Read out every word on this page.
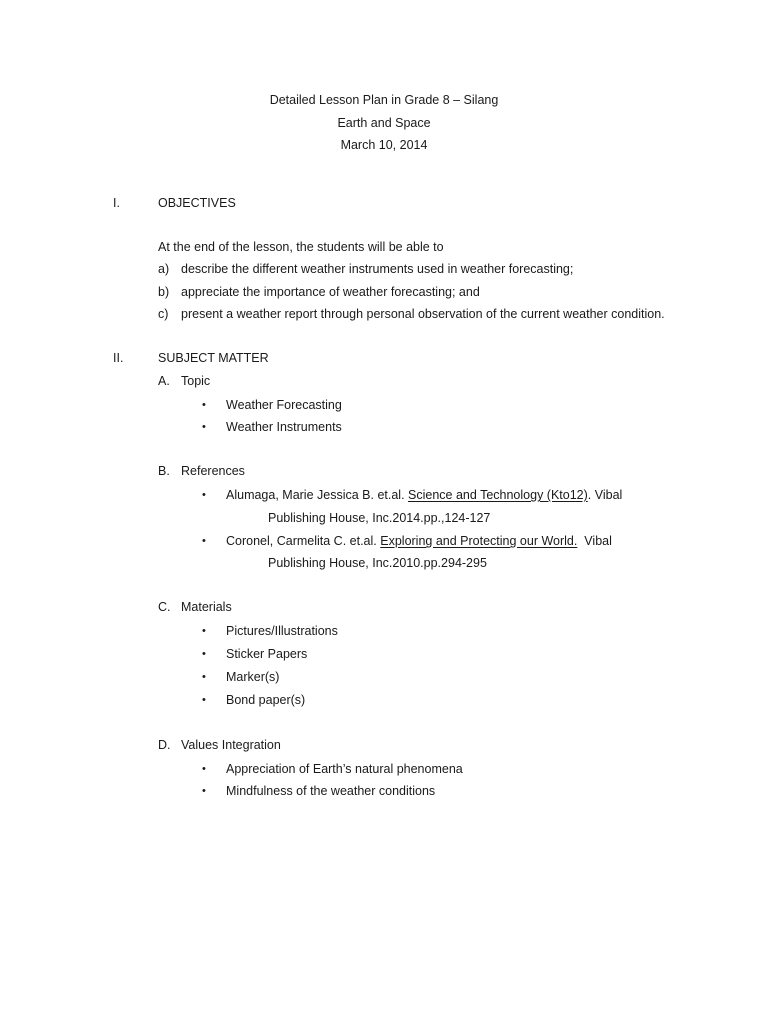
Detailed Lesson Plan in Grade 8 – Silang
Earth and Space
March 10, 2014
I.	OBJECTIVES
At the end of the lesson, the students will be able to
a) describe the different weather instruments used in weather forecasting;
b) appreciate the importance of weather forecasting; and
c) present a weather report through personal observation of the current weather condition.
II.	SUBJECT MATTER
A. Topic
• Weather Forecasting
• Weather Instruments
B. References
• Alumaga, Marie Jessica B. et.al. Science and Technology (Kto12). Vibal
Publishing House, Inc.2014.pp.,124-127
• Coronel, Carmelita C. et.al. Exploring and Protecting our World.  Vibal
Publishing House, Inc.2010.pp.294-295
C. Materials
• Pictures/Illustrations
• Sticker Papers
• Marker(s)
• Bond paper(s)
D. Values Integration
• Appreciation of Earth’s natural phenomena
• Mindfulness of the weather conditions
